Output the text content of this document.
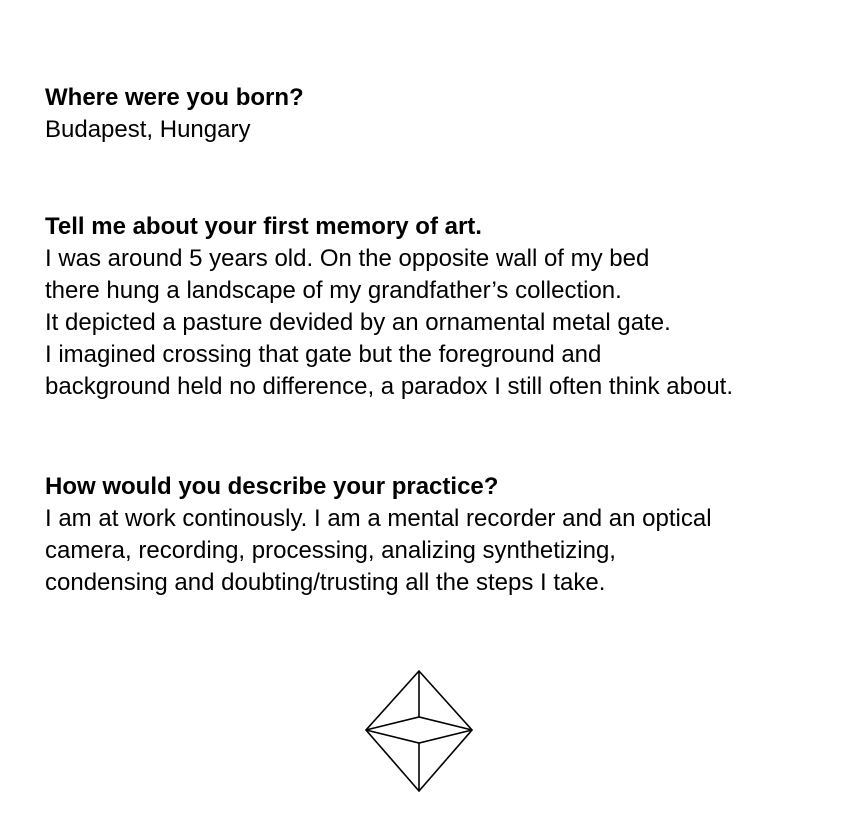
Where were you born?
Budapest, Hungary
Tell me about your first memory of art.
I was around 5 years old. On the opposite wall of my bed
there hung a landscape of my grandfather’s collection.
It depicted a pasture devided by an ornamental metal gate.
I imagined crossing that gate but the foreground and
background held no difference, a paradox I still often think about.
How would you describe your practice?
I am at work continously. I am a mental recorder and an optical
camera, recording, processing, analizing synthetizing,
condensing and doubting/trusting all the steps I take.
